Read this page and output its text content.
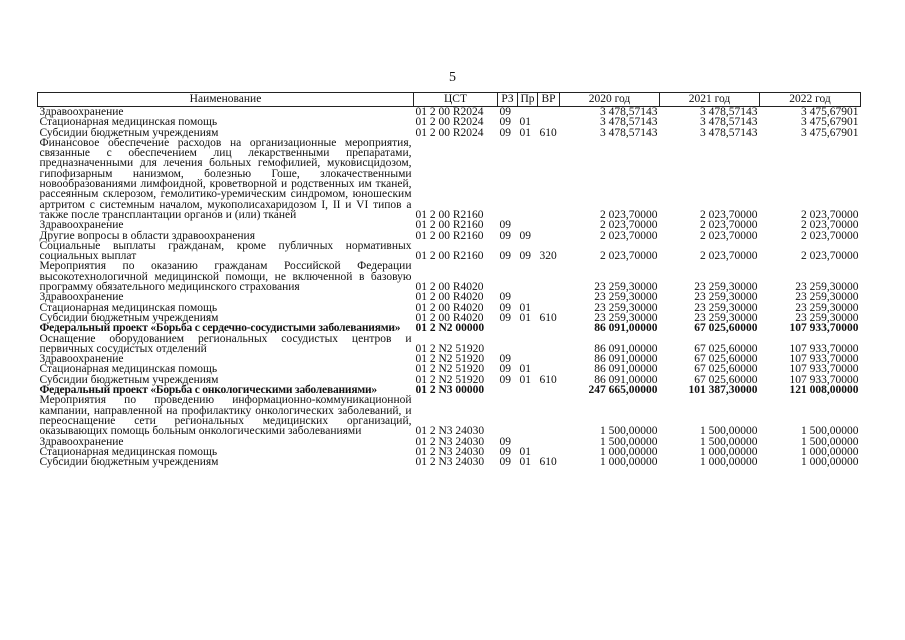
5
Наименование	ЦСТ	РЗ	Пр	ВР	2020 год	2021 год	2022 год
Здравоохранение	01 2 00 R2024	09			3 478,57143	3 478,57143	3 475,67901
Стационарная медицинская помощь	01 2 00 R2024	09	01		3 478,57143	3 478,57143	3 475,67901
Субсидии бюджетным учреждениям	01 2 00 R2024	09	01	610	3 478,57143	3 478,57143	3 475,67901
Финансовое обеспечение расходов на организационные мероприятия, связанные с обеспечением лиц лекарственными препаратами, предназначенными для лечения больных гемофилией, муковисцидозом, гипофизарным нанизмом, болезнью Гоше, злокачественными новообразованиями лимфоидной, кроветворной и родственных им тканей, рассеянным склерозом, гемолитико-уремическим синдромом, юношеским артритом с системным началом, мукополисахаридозом I, II и VI типов а также после трансплантации органов и (или) тканей	01 2 00 R2160				2 023,70000	2 023,70000	2 023,70000
Здравоохранение	01 2 00 R2160	09			2 023,70000	2 023,70000	2 023,70000
Другие вопросы в области здравоохранения	01 2 00 R2160	09	09		2 023,70000	2 023,70000	2 023,70000
Социальные выплаты гражданам, кроме публичных нормативных социальных выплат	01 2 00 R2160	09	09	320	2 023,70000	2 023,70000	2 023,70000
Мероприятия по оказанию гражданам Российской Федерации высокотехнологичной медицинской помощи, не включенной в базовую программу обязательного медицинского страхования	01 2 00 R4020				23 259,30000	23 259,30000	23 259,30000
Здравоохранение	01 2 00 R4020	09			23 259,30000	23 259,30000	23 259,30000
Стационарная медицинская помощь	01 2 00 R4020	09	01		23 259,30000	23 259,30000	23 259,30000
Субсидии бюджетным учреждениям	01 2 00 R4020	09	01	610	23 259,30000	23 259,30000	23 259,30000
Федеральный проект «Борьба с сердечно-сосудистыми заболеваниями»	01 2 N2 00000				86 091,00000	67 025,60000	107 933,70000
Оснащение оборудованием региональных сосудистых центров и первичных сосудистых отделений	01 2 N2 51920				86 091,00000	67 025,60000	107 933,70000
Здравоохранение	01 2 N2 51920	09			86 091,00000	67 025,60000	107 933,70000
Стационарная медицинская помощь	01 2 N2 51920	09	01		86 091,00000	67 025,60000	107 933,70000
Субсидии бюджетным учреждениям	01 2 N2 51920	09	01	610	86 091,00000	67 025,60000	107 933,70000
Федеральный проект «Борьба с онкологическими заболеваниями»	01 2 N3 00000				247 665,00000	101 387,30000	121 008,00000
Мероприятия по проведению информационно-коммуникационной кампании, направленной на профилактику онкологических заболеваний, и переоснащение сети региональных медицинских организаций, оказывающих помощь больным онкологическими заболеваниями	01 2 N3 24030				1 500,00000	1 500,00000	1 500,00000
Здравоохранение	01 2 N3 24030	09			1 500,00000	1 500,00000	1 500,00000
Стационарная медицинская помощь	01 2 N3 24030	09	01		1 000,00000	1 000,00000	1 000,00000
Субсидии бюджетным учреждениям	01 2 N3 24030	09	01	610	1 000,00000	1 000,00000	1 000,00000
